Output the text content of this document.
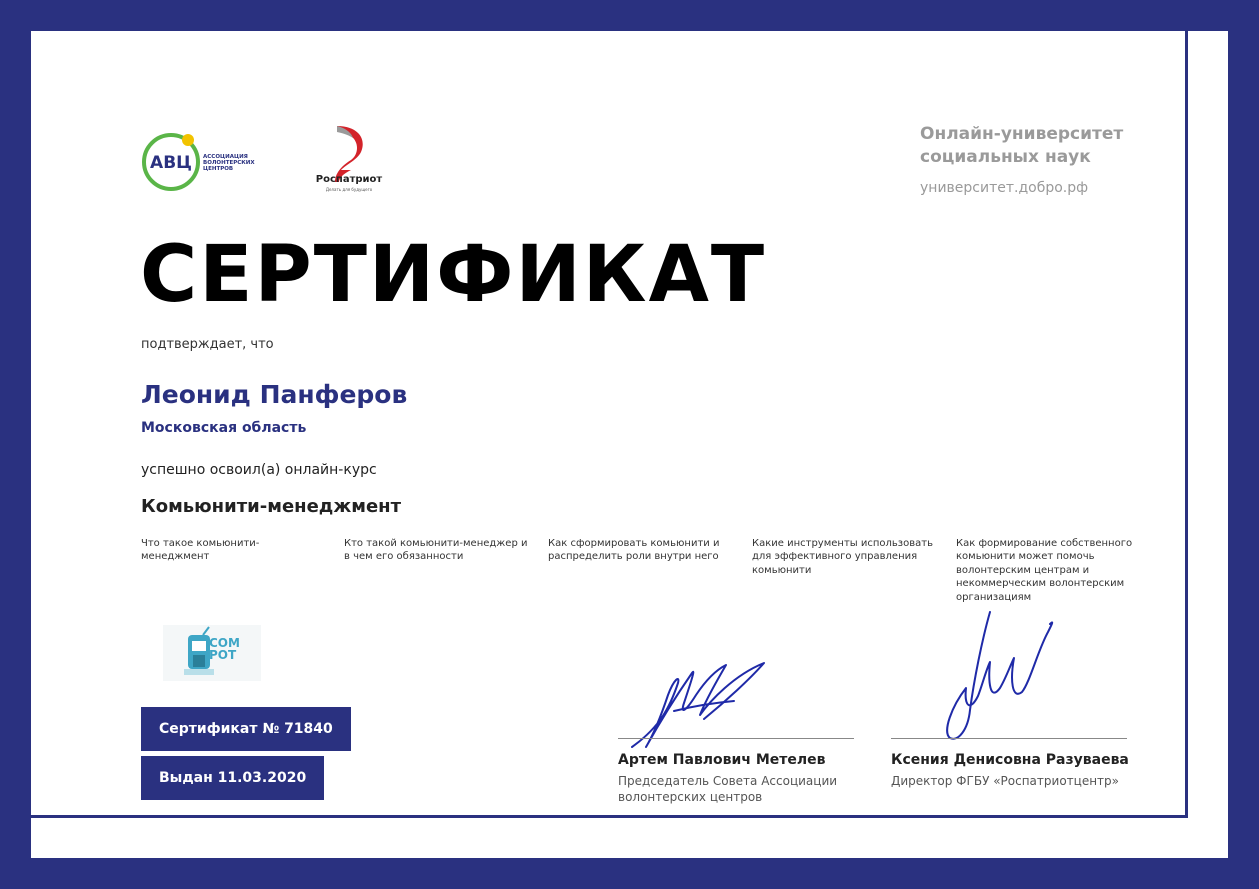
АВЦ АССОЦИАЦИЯ
ВОЛОНТЕРСКИХ
ЦЕНТРОВ
Роспатриот
Делать для будущего
Онлайн-университет социальных наук
университет.добро.рф
СЕРТИФИКАТ
подтверждает, что
Леонид Панферов
Московская область
успешно освоил(а) онлайн-курс
Комьюнити-менеджмент
Что такое комьюнити-менеджмент
Кто такой комьюнити-менеджер и в чем его обязанности
Как сформировать комьюнити и распределить роли внутри него
Какие инструменты использовать для эффективного управления комьюнити
Как формирование собственного комьюнити может помочь волонтерским центрам и некоммерческим волонтерским организациям
COM
POT
Сертификат № 71840
Выдан 11.03.2020
Артем Павлович Метелев
Председатель Совета Ассоциации волонтерских центров
Ксения Денисовна Разуваева
Директор ФГБУ «Роспатриотцентр»
